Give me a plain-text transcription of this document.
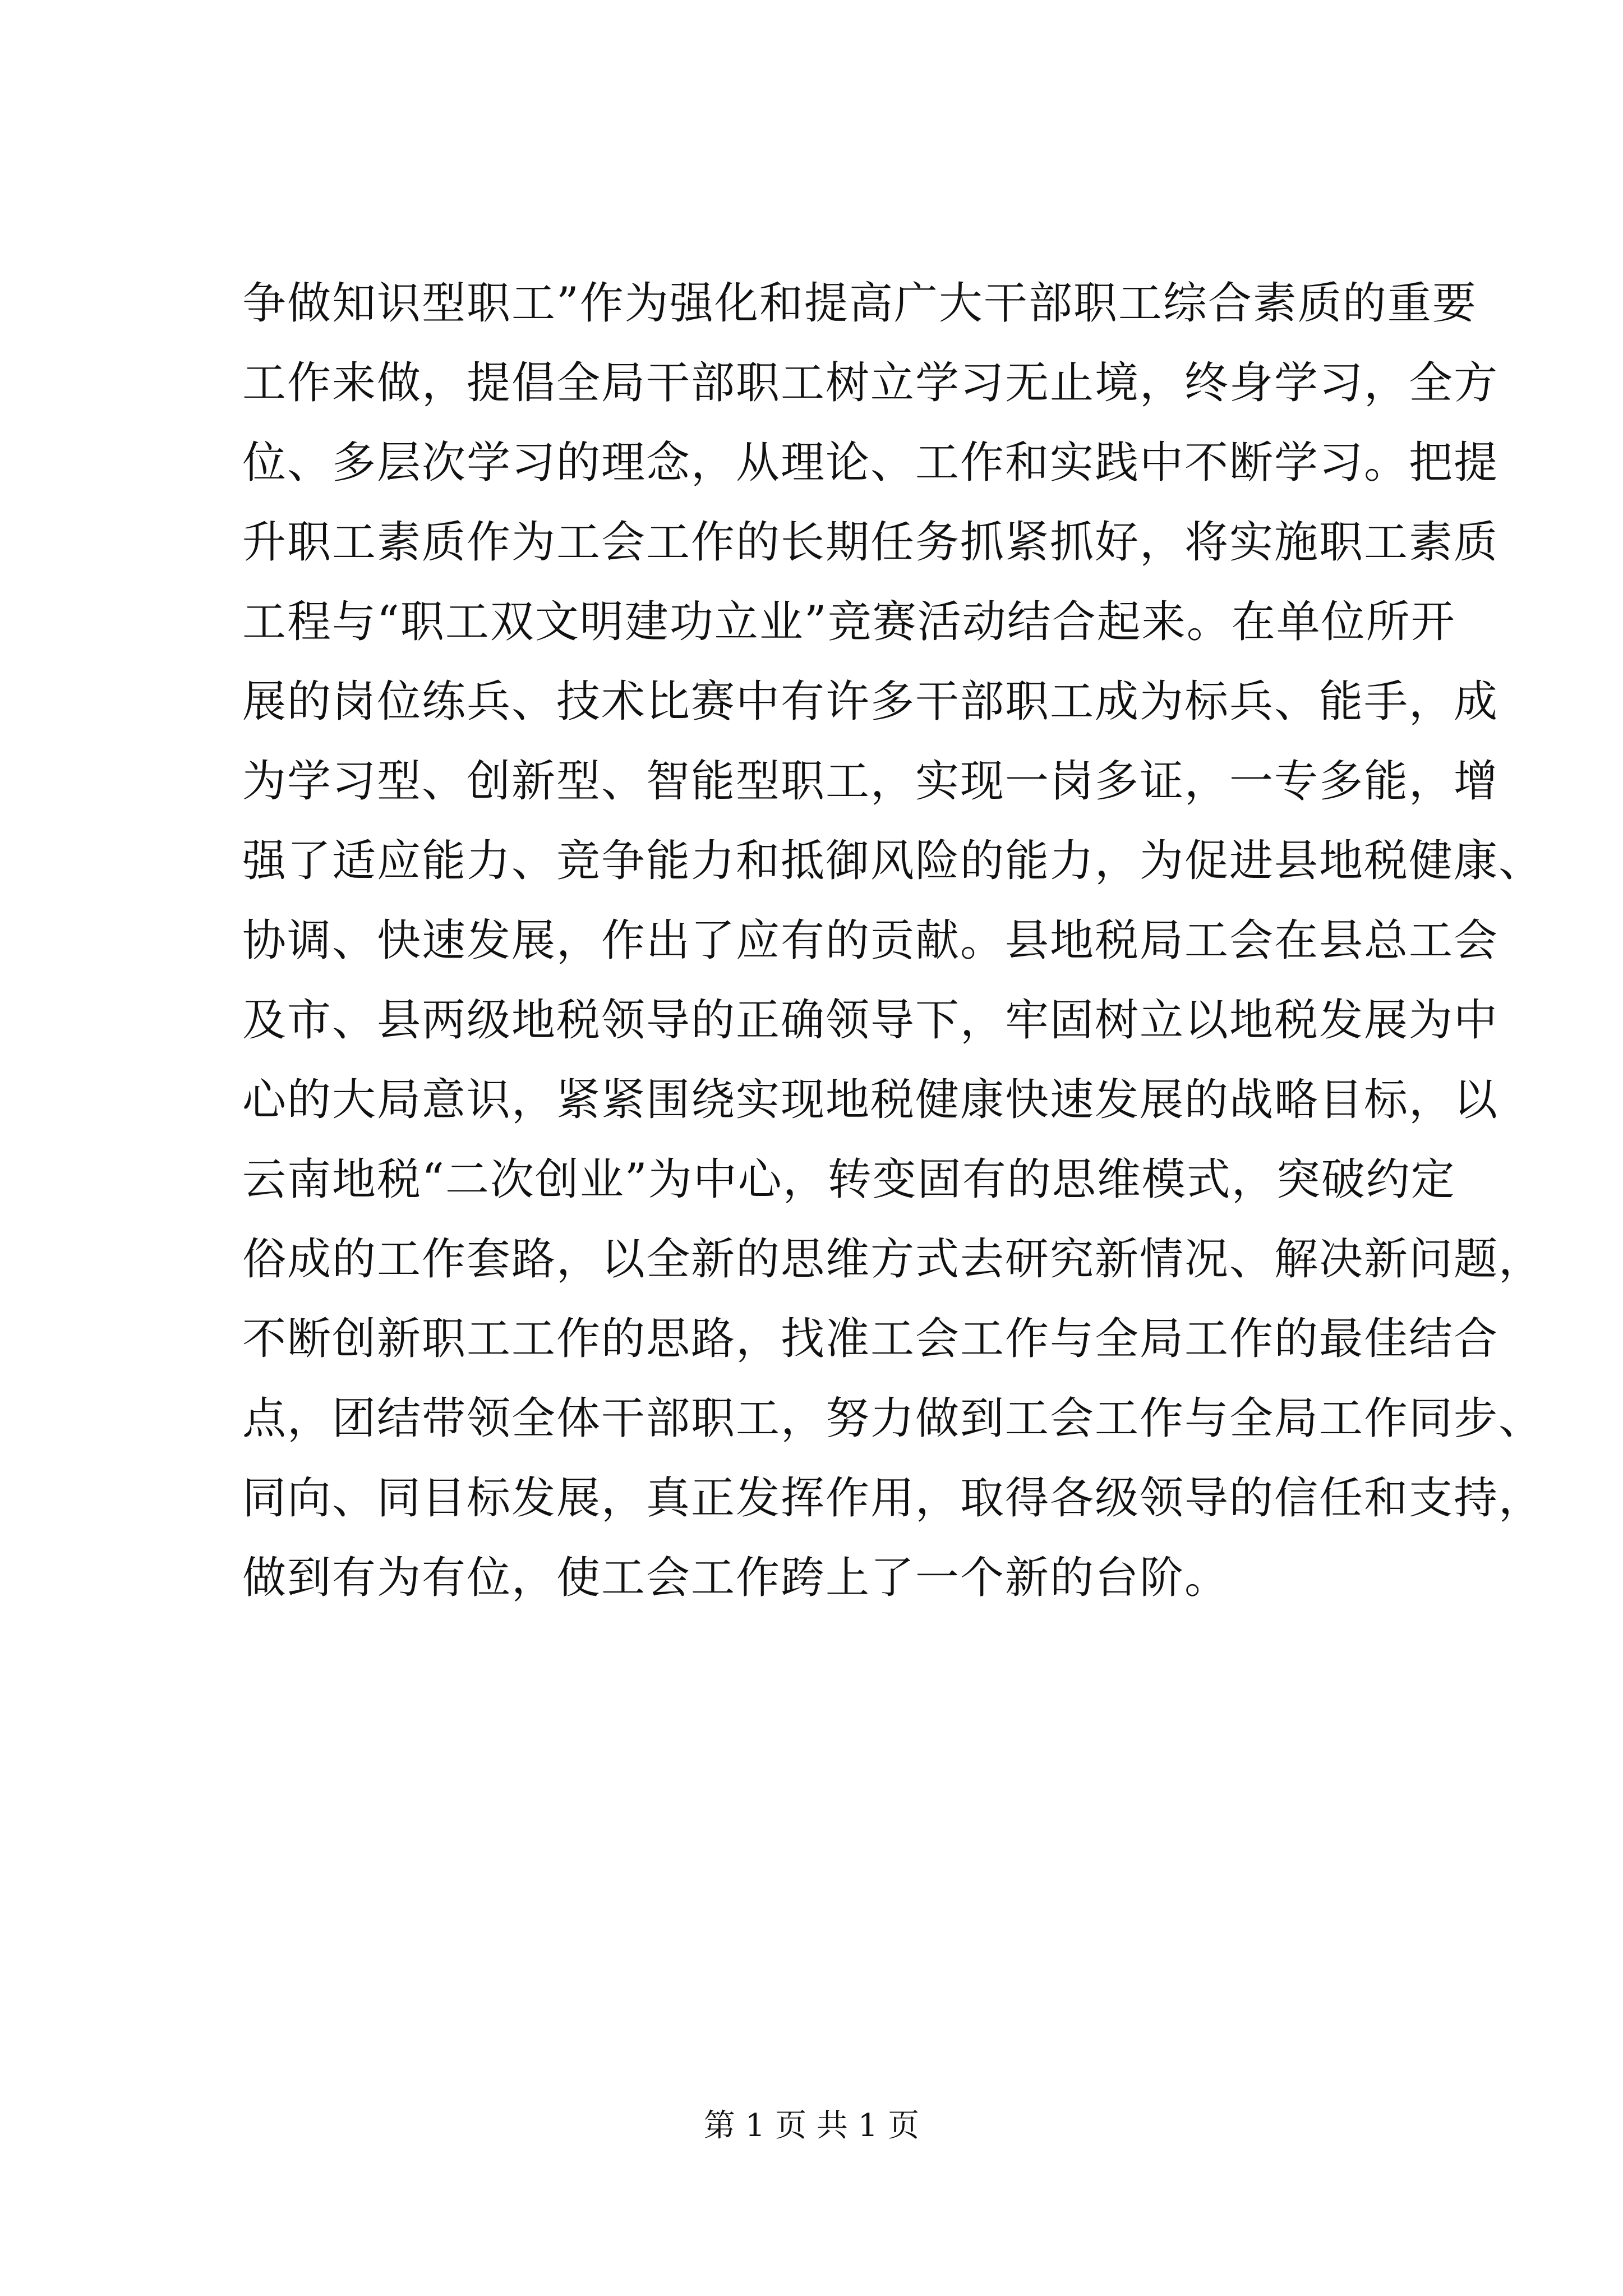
争做知识型职工”作为强化和提高广大干部职工综合素质的重要
工作来做，提倡全局干部职工树立学习无止境，终身学习，全方
位、多层次学习的理念，从理论、工作和实践中不断学习。把提
升职工素质作为工会工作的长期任务抓紧抓好，将实施职工素质
工程与“职工双文明建功立业”竞赛活动结合起来。在单位所开
展的岗位练兵、技术比赛中有许多干部职工成为标兵、能手，成
为学习型、创新型、智能型职工，实现一岗多证，一专多能，增
强了适应能力、竞争能力和抵御风险的能力，为促进县地税健康、
协调、快速发展，作出了应有的贡献。县地税局工会在县总工会
及市、县两级地税领导的正确领导下，牢固树立以地税发展为中
心的大局意识，紧紧围绕实现地税健康快速发展的战略目标，以
云南地税“二次创业”为中心，转变固有的思维模式，突破约定
俗成的工作套路，以全新的思维方式去研究新情况、解决新问题，
不断创新职工工作的思路，找准工会工作与全局工作的最佳结合
点，团结带领全体干部职工，努力做到工会工作与全局工作同步、
同向、同目标发展，真正发挥作用，取得各级领导的信任和支持，
做到有为有位，使工会工作跨上了一个新的台阶。
第 1 页 共 1 页
